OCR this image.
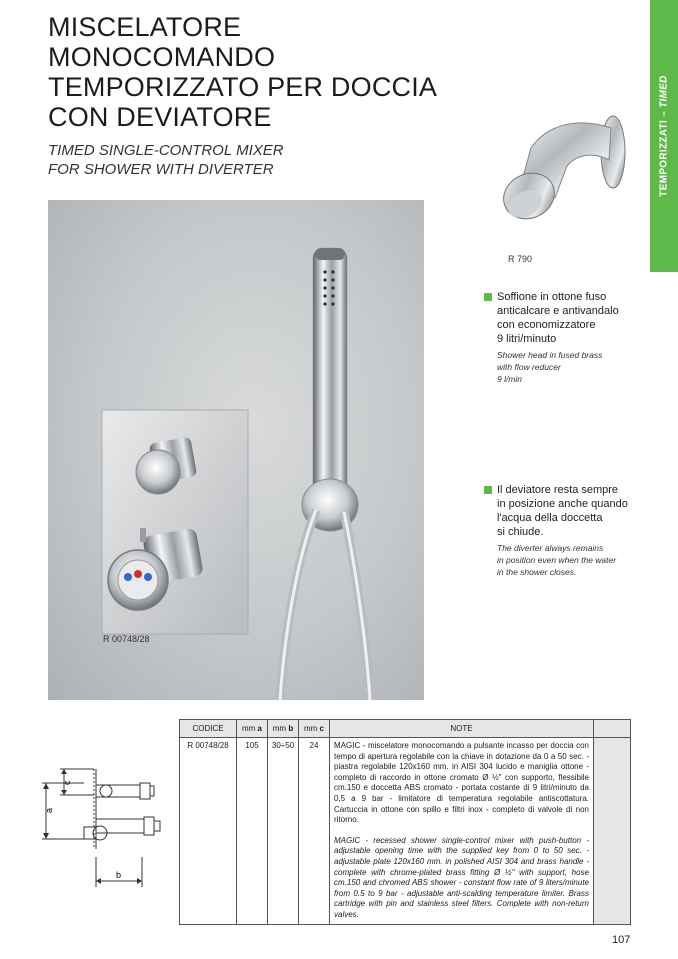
MISCELATORE
MONOCOMANDO
TEMPORIZZATO PER DOCCIA
CON DEVIATORE
TIMED SINGLE-CONTROL MIXER
FOR SHOWER WITH DIVERTER	TEMPORIZZATI – TIMED
R 00748/28
R 790
Soffione in ottone fuso
anticalcare e antivandalo
con economizzatore
9 litri/minuto
Shower head in fused brass
with flow reducer
9 l/min
Il deviatore resta sempre
in posizione anche quando
l'acqua della doccetta
si chiude.
The diverter always remains
in position even when the water
in the shower closes.
CODICE	mm a	mm b	mm c	NOTE	
R 00748/28	105	30÷50	24	MAGIC - miscelatore monocomando a pulsante incasso per doccia con tempo di apertura regolabile con la chiave in dotazione da 0 a 50 sec. - piastra regolabile 120x160 mm. in AISI 304 lucido e maniglia ottone - completo di raccordo in ottone cromato Ø ½" con supporto, flessibile cm.150 e doccetta ABS cromato - portata costante di 9 litri/minuto da 0,5 a 9 bar - limitatore di temperatura regolabile antiscottatura. Cartuccia in ottone con spillo e filtri inox - completo di valvole di non ritorno.
MAGIC - recessed shower single-control mixer with push-button - adjustable opening time with the supplied key from 0 to 50 sec. - adjustable plate 120x160 mm. in polished AISI 304 and brass handle - complete with chrome-plated brass fitting Ø ½" with support, hose cm.150 and chromed ABS shower - constant flow rate of 9 liters/minute from 0.5 to 9 bar - adjustable anti-scalding temperature limiter. Brass cartridge with pin and stainless steel filters. Complete with non-return valves.	

a
c
b
107
